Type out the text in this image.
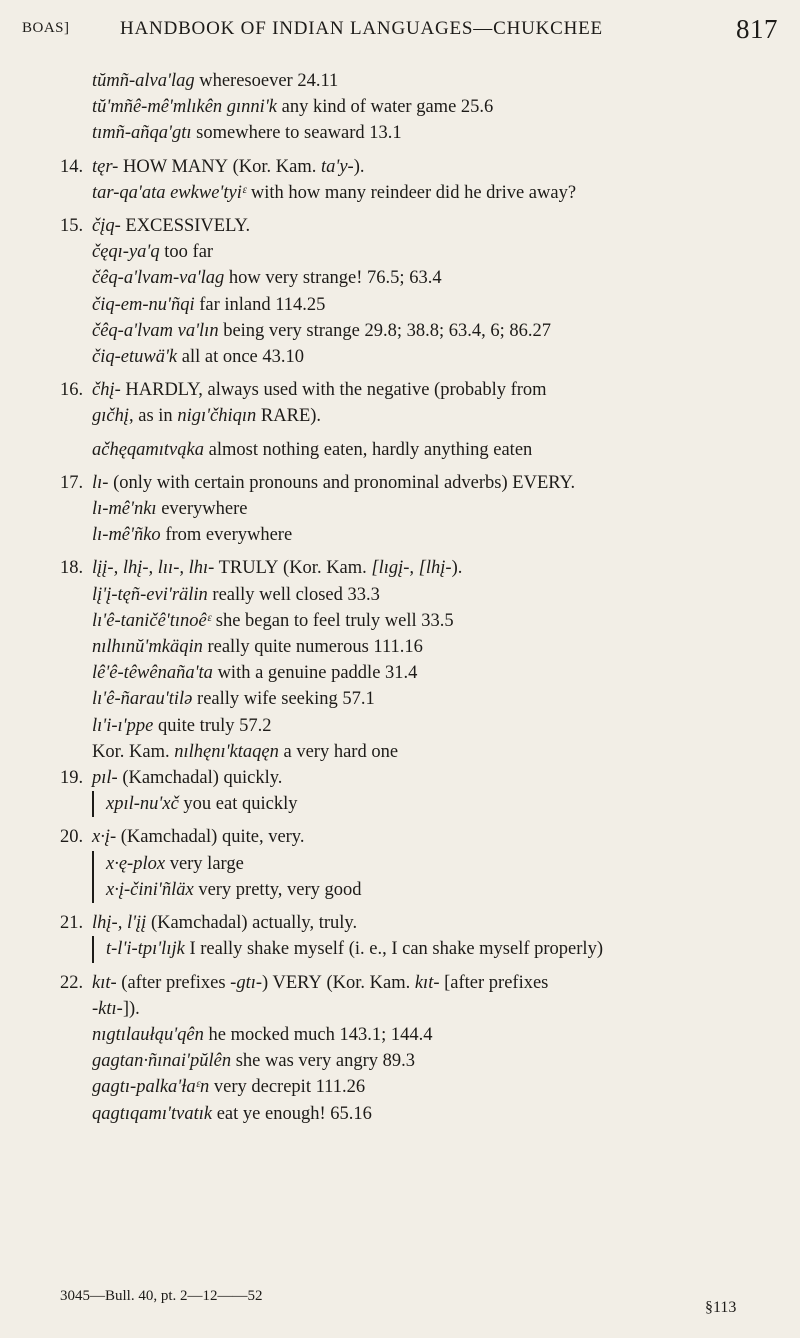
BOAS]	HANDBOOK OF INDIAN LANGUAGES—CHUKCHEE	817
tŭmñ-alva'lag wheresoever 24.11
tŭ'mñê-mê'mlıkên gınni'k any kind of water game 25.6
tımñ-añqa'gtı somewhere to seaward 13.1
14. tęr- HOW MANY (Kor. Kam. ta'y-).
tar-qa'ata ewkwe'tyiᵋ with how many reindeer did he drive away?
15. čįq- EXCESSIVELY.
čęqı-ya'q too far
čêq-a'lvam-va'lag how very strange! 76.5; 63.4
čiq-em-nu'ñqi far inland 114.25
čêq-a'lvam va'lın being very strange 29.8; 38.8; 63.4, 6; 86.27
čiq-etuwä'k all at once 43.10
16. čhį- HARDLY, always used with the negative (probably from
gıčhį, as in nigı'čhiqın RARE).
ačhęqamıtvąka almost nothing eaten, hardly anything eaten
17. lı- (only with certain pronouns and pronominal adverbs) EVERY.
lı-mê'nkı everywhere
lı-mê'ñko from everywhere
18. lįį-, lhį-, lıı-, lhı- TRULY (Kor. Kam. [lıgį-, [lhį-).
lį'į-tęñ-evi'rälin really well closed 33.3
lı'ê-taničê'tınoêᵋ she began to feel truly well 33.5
nılhınŭ'mkäqin really quite numerous 111.16
lê'ê-têwênaña'ta with a genuine paddle 31.4
lı'ê-ñarau'tilə really wife seeking 57.1
lı'i-ı'ppe quite truly 57.2
Kor. Kam. nılhęnı'ktaqęn a very hard one
19. pıl- (Kamchadal) quickly.
xpıl-nu'xč you eat quickly
20. x·į- (Kamchadal) quite, very.
x·ę-plox very large
x·į-čini'ñläx very pretty, very good
21. lhį-, l'įį (Kamchadal) actually, truly.
t-l'i-tpı'lıjk I really shake myself (i. e., I can shake myself properly)
22. kıt- (after prefixes -gtı-) VERY (Kor. Kam. kıt- [after prefixes
-ktı-]).
nıgtılaułąu'qên he mocked much 143.1; 144.4
gagtan·ñınai'pŭlên she was very angry 89.3
gagtı-palka'ɫaᵋn very decrepit 111.26
qagtıqamı'tvatık eat ye enough! 65.16
3045—Bull. 40, pt. 2—12——52
§113
